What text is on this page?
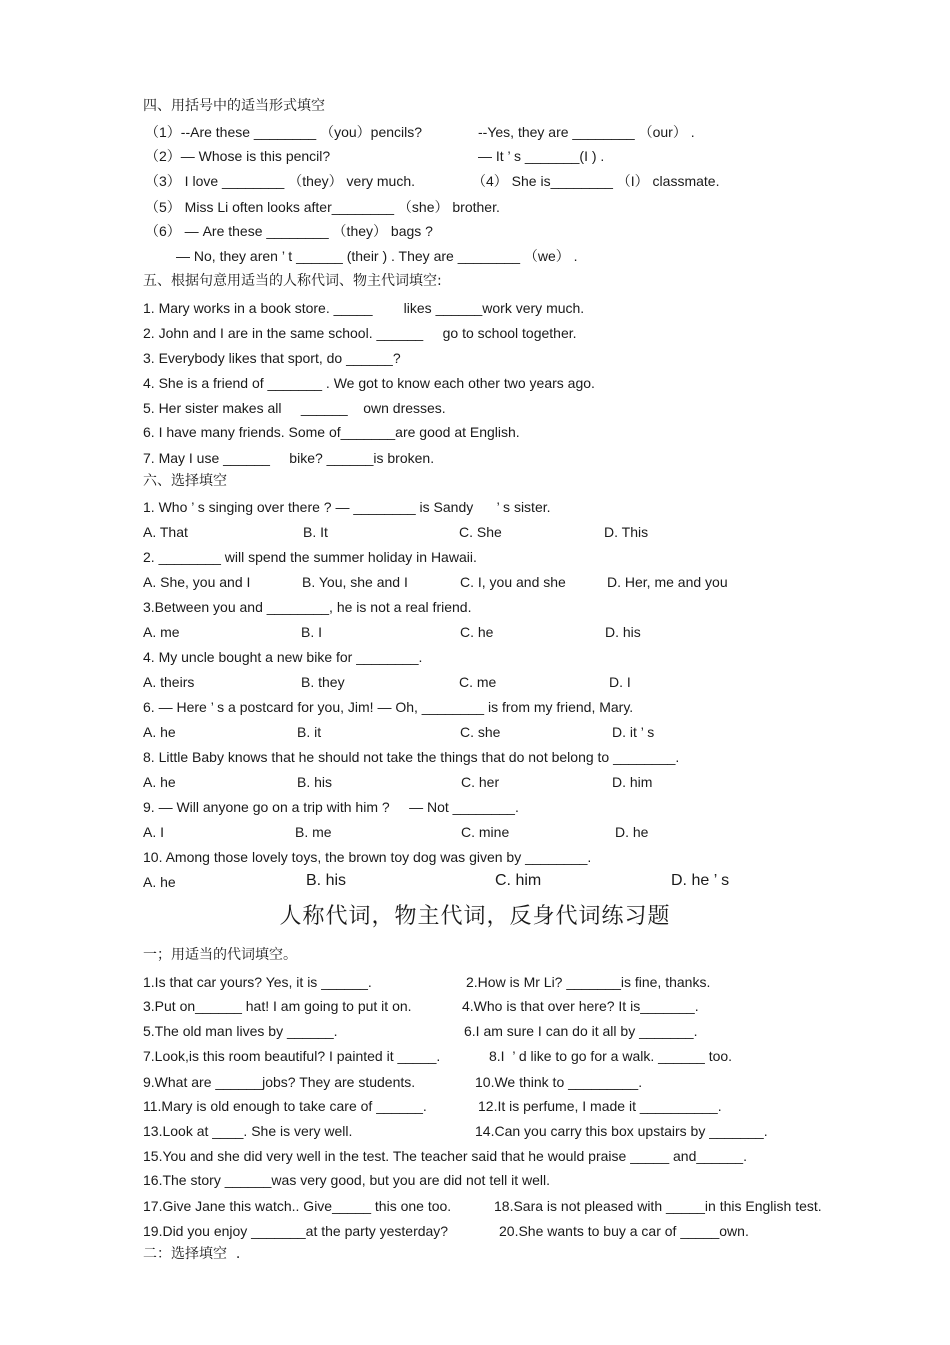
四、用括号中的适当形式填空
（1）--Are these ________ （you）pencils?	--Yes, they are ________ （our） .
（2）— Whose is this pencil?	— It ’ s _______(I ) .
（3） I love ________ （they） very much.	（4） She is________ （I） classmate.
（5） Miss Li often looks after________ （she） brother.
（6） — Are these ________ （they） bags ?
— No, they aren ’ t ______ (their ) . They are ________ （we） .
五、根据句意用适当的人称代词、物主代词填空:
1. Mary works in a book store. _____        likes ______work very much.
2. John and I are in the same school. ______     go to school together.
3. Everybody likes that sport, do ______?
4. She is a friend of _______ . We got to know each other two years ago.
5. Her sister makes all     ______    own dresses.
6. I have many friends. Some of_______are good at English.
7. May I use ______     bike? ______is broken.
六、选择填空
1. Who ’ s singing over there ? — ________ is Sandy      ’ s sister.
A. That	B. It	C. She	D. This
2. ________ will spend the summer holiday in Hawaii.
A. She, you and I	B. You, she and I	C. I, you and she	D. Her, me and you
3.Between you and ________, he is not a real friend.
A. me	B. I	C. he	D. his
4. My uncle bought a new bike for ________.
A. theirs	B. they	C. me	D. I
6. — Here ’ s a postcard for you, Jim! — Oh, ________ is from my friend, Mary.
A. he	B. it	C. she	D. it ’ s
8. Little Baby knows that he should not take the things that do not belong to ________.
A. he	B. his	C. her	D. him
9. — Will anyone go on a trip with him ?     — Not ________.
A. I	B. me	C. mine	D. he
10. Among those lovely toys, the brown toy dog was given by ________.
A. he	B. his	C. him	D. he ’ s
人称代词，物主代词，反身代词练习题
一；用适当的代词填空。
1.Is that car yours? Yes, it is ______.	2.How is Mr Li? _______is fine, thanks.
3.Put on______ hat! I am going to put it on.	4.Who is that over here? It is_______.
5.The old man lives by ______.	6.I am sure I can do it all by _______.
7.Look,is this room beautiful? I painted it _____.	8.I  ’ d like to go for a walk. ______ too.
9.What are ______jobs? They are students.	10.We think to _________.
11.Mary is old enough to take care of ______.	12.It is perfume, I made it __________.
13.Look at ____. She is very well.	14.Can you carry this box upstairs by _______.
15.You and she did very well in the test. The teacher said that he would praise _____ and______.
16.The story ______was very good, but you are did not tell it well.
17.Give Jane this watch.. Give_____ this one too.	18.Sara is not pleased with _____in this English test.
19.Did you enjoy _______at the party yesterday?	20.She wants to buy a car of _____own.
二：选择填空  .
